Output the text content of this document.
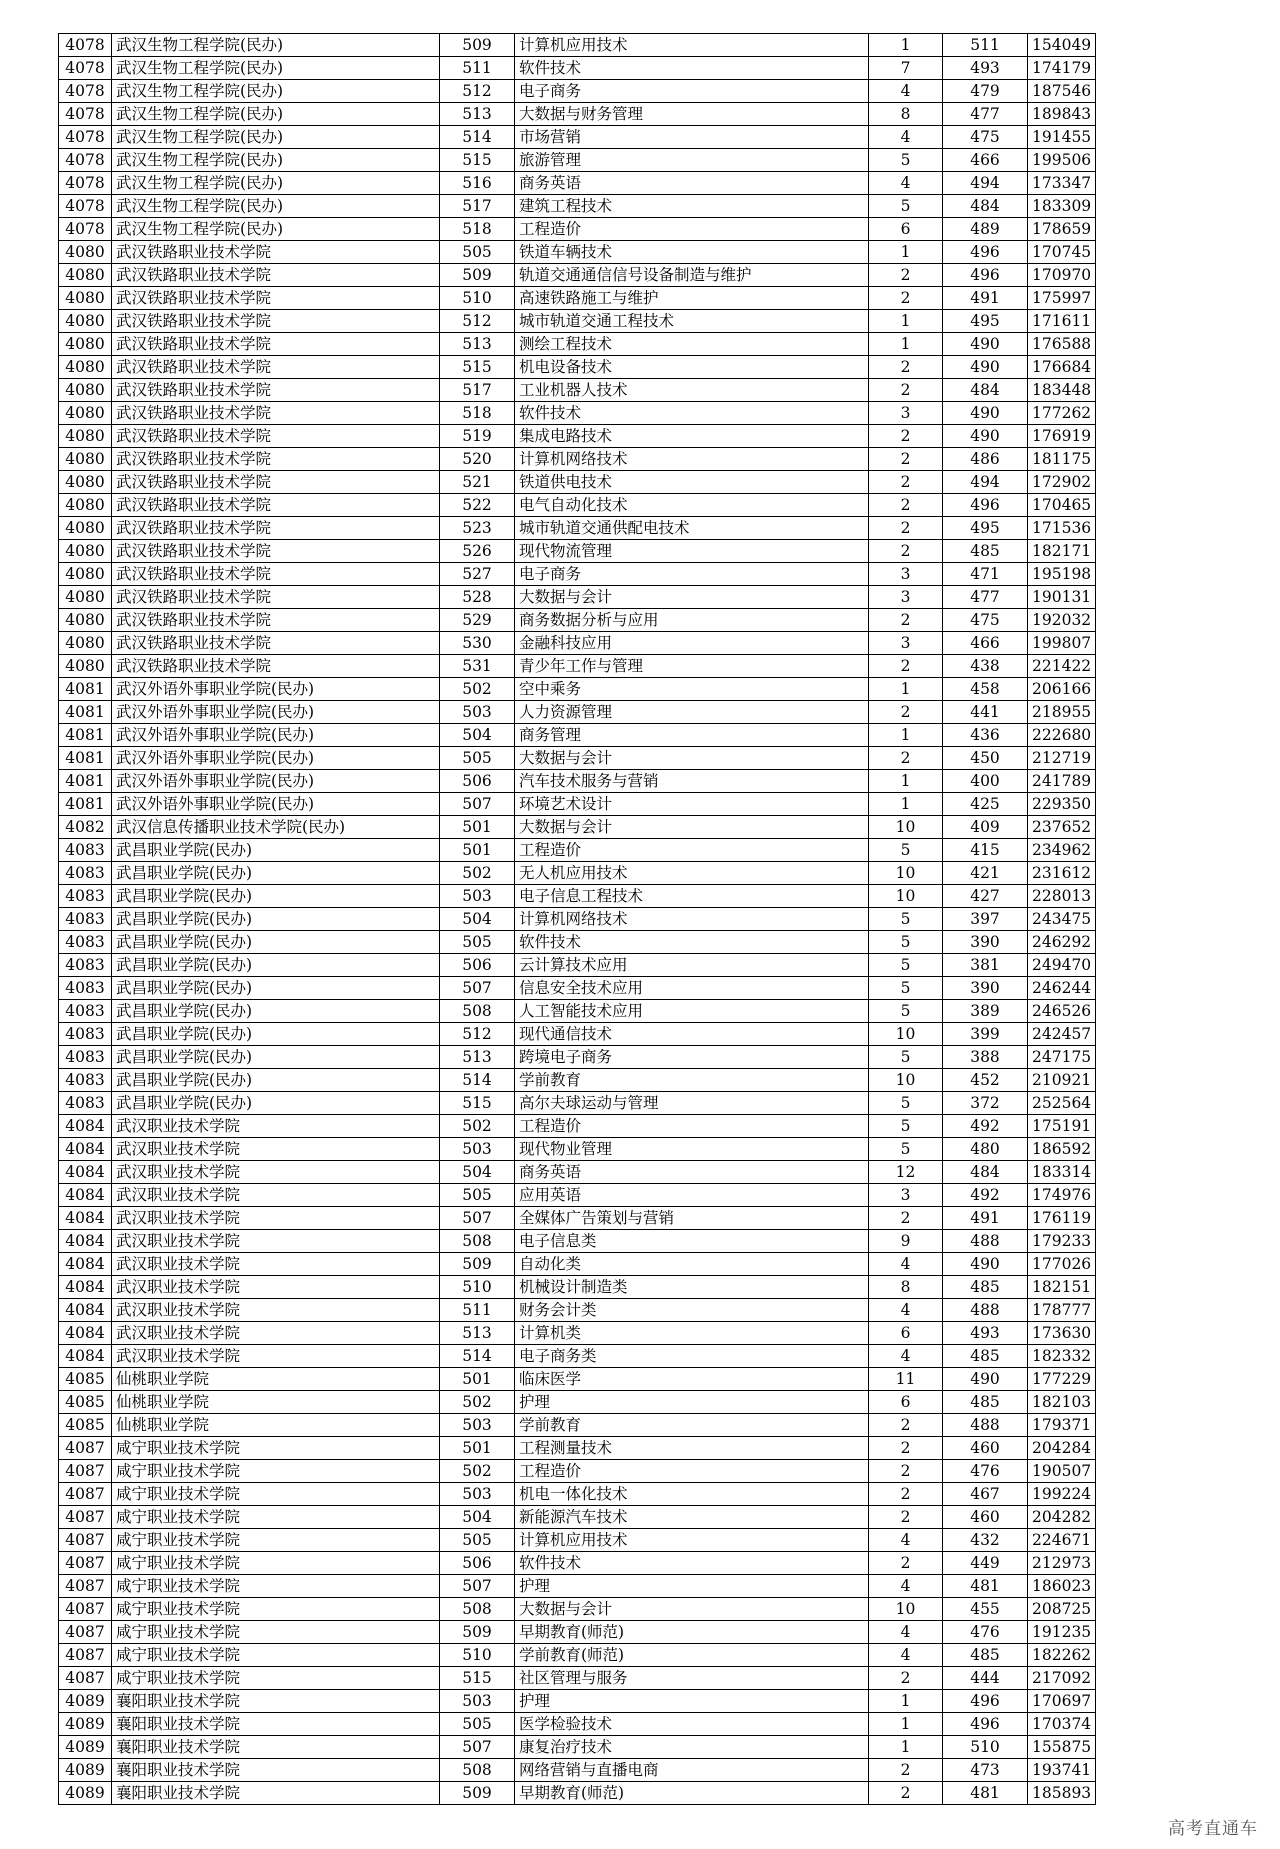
4078	武汉生物工程学院(民办)	509	计算机应用技术	1	511	154049
4078	武汉生物工程学院(民办)	511	软件技术	7	493	174179
4078	武汉生物工程学院(民办)	512	电子商务	4	479	187546
4078	武汉生物工程学院(民办)	513	大数据与财务管理	8	477	189843
4078	武汉生物工程学院(民办)	514	市场营销	4	475	191455
4078	武汉生物工程学院(民办)	515	旅游管理	5	466	199506
4078	武汉生物工程学院(民办)	516	商务英语	4	494	173347
4078	武汉生物工程学院(民办)	517	建筑工程技术	5	484	183309
4078	武汉生物工程学院(民办)	518	工程造价	6	489	178659
4080	武汉铁路职业技术学院	505	铁道车辆技术	1	496	170745
4080	武汉铁路职业技术学院	509	轨道交通通信信号设备制造与维护	2	496	170970
4080	武汉铁路职业技术学院	510	高速铁路施工与维护	2	491	175997
4080	武汉铁路职业技术学院	512	城市轨道交通工程技术	1	495	171611
4080	武汉铁路职业技术学院	513	测绘工程技术	1	490	176588
4080	武汉铁路职业技术学院	515	机电设备技术	2	490	176684
4080	武汉铁路职业技术学院	517	工业机器人技术	2	484	183448
4080	武汉铁路职业技术学院	518	软件技术	3	490	177262
4080	武汉铁路职业技术学院	519	集成电路技术	2	490	176919
4080	武汉铁路职业技术学院	520	计算机网络技术	2	486	181175
4080	武汉铁路职业技术学院	521	铁道供电技术	2	494	172902
4080	武汉铁路职业技术学院	522	电气自动化技术	2	496	170465
4080	武汉铁路职业技术学院	523	城市轨道交通供配电技术	2	495	171536
4080	武汉铁路职业技术学院	526	现代物流管理	2	485	182171
4080	武汉铁路职业技术学院	527	电子商务	3	471	195198
4080	武汉铁路职业技术学院	528	大数据与会计	3	477	190131
4080	武汉铁路职业技术学院	529	商务数据分析与应用	2	475	192032
4080	武汉铁路职业技术学院	530	金融科技应用	3	466	199807
4080	武汉铁路职业技术学院	531	青少年工作与管理	2	438	221422
4081	武汉外语外事职业学院(民办)	502	空中乘务	1	458	206166
4081	武汉外语外事职业学院(民办)	503	人力资源管理	2	441	218955
4081	武汉外语外事职业学院(民办)	504	商务管理	1	436	222680
4081	武汉外语外事职业学院(民办)	505	大数据与会计	2	450	212719
4081	武汉外语外事职业学院(民办)	506	汽车技术服务与营销	1	400	241789
4081	武汉外语外事职业学院(民办)	507	环境艺术设计	1	425	229350
4082	武汉信息传播职业技术学院(民办)	501	大数据与会计	10	409	237652
4083	武昌职业学院(民办)	501	工程造价	5	415	234962
4083	武昌职业学院(民办)	502	无人机应用技术	10	421	231612
4083	武昌职业学院(民办)	503	电子信息工程技术	10	427	228013
4083	武昌职业学院(民办)	504	计算机网络技术	5	397	243475
4083	武昌职业学院(民办)	505	软件技术	5	390	246292
4083	武昌职业学院(民办)	506	云计算技术应用	5	381	249470
4083	武昌职业学院(民办)	507	信息安全技术应用	5	390	246244
4083	武昌职业学院(民办)	508	人工智能技术应用	5	389	246526
4083	武昌职业学院(民办)	512	现代通信技术	10	399	242457
4083	武昌职业学院(民办)	513	跨境电子商务	5	388	247175
4083	武昌职业学院(民办)	514	学前教育	10	452	210921
4083	武昌职业学院(民办)	515	高尔夫球运动与管理	5	372	252564
4084	武汉职业技术学院	502	工程造价	5	492	175191
4084	武汉职业技术学院	503	现代物业管理	5	480	186592
4084	武汉职业技术学院	504	商务英语	12	484	183314
4084	武汉职业技术学院	505	应用英语	3	492	174976
4084	武汉职业技术学院	507	全媒体广告策划与营销	2	491	176119
4084	武汉职业技术学院	508	电子信息类	9	488	179233
4084	武汉职业技术学院	509	自动化类	4	490	177026
4084	武汉职业技术学院	510	机械设计制造类	8	485	182151
4084	武汉职业技术学院	511	财务会计类	4	488	178777
4084	武汉职业技术学院	513	计算机类	6	493	173630
4084	武汉职业技术学院	514	电子商务类	4	485	182332
4085	仙桃职业学院	501	临床医学	11	490	177229
4085	仙桃职业学院	502	护理	6	485	182103
4085	仙桃职业学院	503	学前教育	2	488	179371
4087	咸宁职业技术学院	501	工程测量技术	2	460	204284
4087	咸宁职业技术学院	502	工程造价	2	476	190507
4087	咸宁职业技术学院	503	机电一体化技术	2	467	199224
4087	咸宁职业技术学院	504	新能源汽车技术	2	460	204282
4087	咸宁职业技术学院	505	计算机应用技术	4	432	224671
4087	咸宁职业技术学院	506	软件技术	2	449	212973
4087	咸宁职业技术学院	507	护理	4	481	186023
4087	咸宁职业技术学院	508	大数据与会计	10	455	208725
4087	咸宁职业技术学院	509	早期教育(师范)	4	476	191235
4087	咸宁职业技术学院	510	学前教育(师范)	4	485	182262
4087	咸宁职业技术学院	515	社区管理与服务	2	444	217092
4089	襄阳职业技术学院	503	护理	1	496	170697
4089	襄阳职业技术学院	505	医学检验技术	1	496	170374
4089	襄阳职业技术学院	507	康复治疗技术	1	510	155875
4089	襄阳职业技术学院	508	网络营销与直播电商	2	473	193741
4089	襄阳职业技术学院	509	早期教育(师范)	2	481	185893
高考直通车
